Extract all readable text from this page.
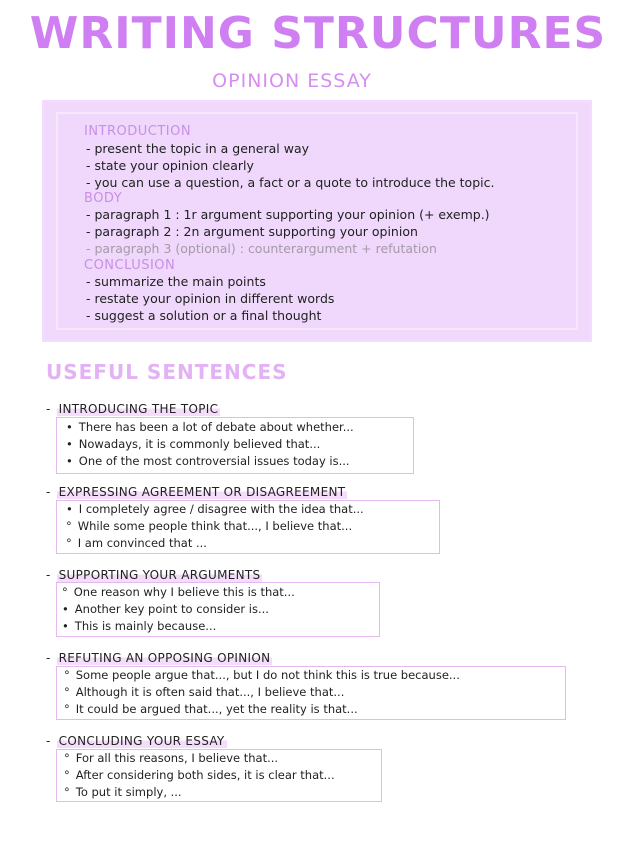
WRITING STRUCTURES
OPINION ESSAY
INTRODUCTION
- present the topic in a general way
- state your opinion clearly
- you can use a question, a fact or a quote to introduce the topic.
BODY
- paragraph 1 : 1r argument supporting your opinion (+ exemp.)
- paragraph 2 : 2n argument supporting your opinion
- paragraph 3 (optional) : counterargument + refutation
CONCLUSION
- summarize the main points
- restate your opinion in different words
- suggest a solution or a final thought
USEFUL SENTENCES
- INTRODUCING THE TOPIC
• There has been a lot of debate about whether...
• Nowadays, it is commonly believed that...
• One of the most controversial issues today is...
- EXPRESSING AGREEMENT OR DISAGREEMENT
• I completely agree / disagree with the idea that...
° While some people think that..., I believe that...
° I am convinced that ...
- SUPPORTING YOUR ARGUMENTS
° One reason why I believe this is that...
• Another key point to consider is...
• This is mainly because...
- REFUTING AN OPPOSING OPINION
° Some people argue that..., but I do not think this is true because...
° Although it is often said that..., I believe that...
° It could be argued that..., yet the reality is that...
- CONCLUDING YOUR ESSAY
° For all this reasons, I believe that...
° After considering both sides, it is clear that...
° To put it simply, ...
